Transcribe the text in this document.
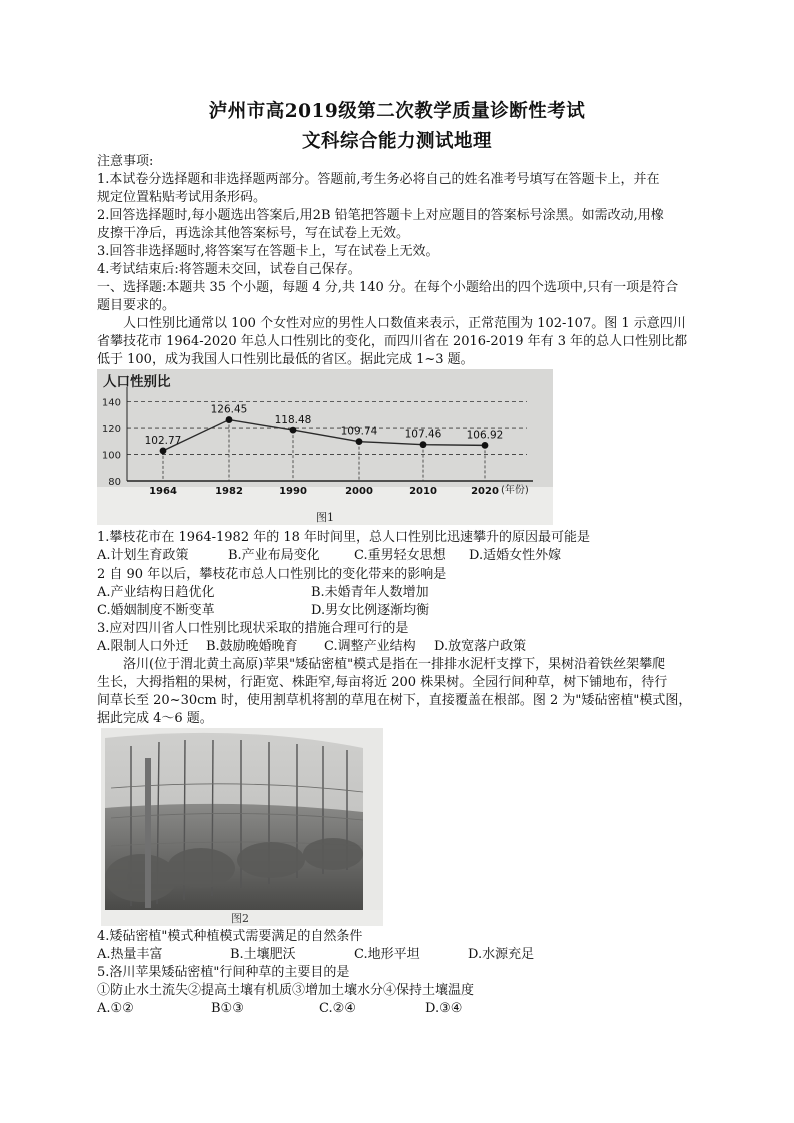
泸州市高2019级第二次教学质量诊断性考试
文科综合能力测试地理
注意事项:
1.本试卷分选择题和非选择题两部分。答题前,考生务必将自己的姓名准考号填写在答题卡上，并在
规定位置粘贴考试用条形码。
2.回答选择题时,每小题选出答案后,用2B 铅笔把答题卡上对应题目的答案标号涂黑。如需改动,用橡
皮擦干净后，再选涂其他答案标号，写在试卷上无效。
3.回答非选择题时,将答案写在答题卡上，写在试卷上无效。
4.考试结束后:将答题未交回，试卷自己保存。
一、选择题:本题共 35 个小题，每题 4 分,共 140 分。在每个小题给出的四个选项中,只有一项是符合
题目要求的。
人口性别比通常以 100 个女性对应的男性人口数值来表示，正常范围为 102-107。图 1 示意四川
省攀技花市 1964-2020 年总人口性别比的变化，而四川省在 2016-2019 年有 3 年的总人口性别比都
低于 100，成为我国人口性别比最低的省区。据此完成 1~3 题。
人口性别比
80
100
120
140
102.77
126.45
118.48
109.74	107.46 106.92
1964	1982	1990	2000	2010	2020 (年份)
图1
1.攀枝花市在 1964-1982 年的 18 年时间里，总人口性别比迅速攀升的原因最可能是
A.计划生育政策	B.产业布局变化	C.重男轻女思想 D.适婚女性外嫁
2 自 90 年以后，攀枝花市总人口性别比的变化带来的影响是
A.产业结构日趋优化	B.未婚青年人数增加
C.婚姻制度不断变革	D.男女比例逐渐均衡
3.应对四川省人口性别比现状采取的措施合理可行的是
A.限制人口外迁 B.鼓励晚婚晚育 C.调整产业结构 D.放宽落户政策
洛川(位于渭北黄土高原)苹果"矮砧密植"模式是指在一排排水泥杆支撑下，果树沿着铁丝架攀爬
生长，大拇指粗的果树，行距宽、株距窄,每亩将近 200 株果树。全园行间种草，树下铺地布，待行
间草长至 20~30cm 时，使用割草机将割的草甩在树下，直接覆盖在根部。图 2 为"矮砧密植"模式图，
据此完成 4～6 题。
图2
4.矮砧密植"模式种植模式需要满足的自然条件
A.热量丰富	B.土壤肥沃	C.地形平坦	D.水源充足
5.洛川苹果矮砧密植"行间种草的主要目的是
①防止水土流失②提高土壤有机质③增加土壤水分④保持土壤温度
A.①②	B①③	C.②④	D.③④
